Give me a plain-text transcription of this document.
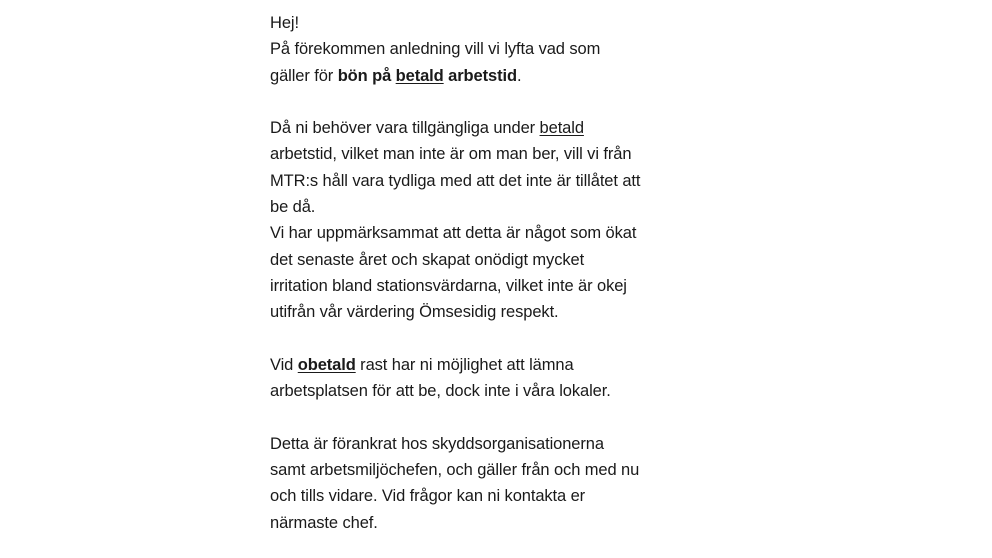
Hej!
På förekommen anledning vill vi lyfta vad som
gäller för bön på betald arbetstid.
Då ni behöver vara tillgängliga under betald
arbetstid, vilket man inte är om man ber, vill vi från
MTR:s håll vara tydliga med att det inte är tillåtet att
be då.
Vi har uppmärksammat att detta är något som ökat
det senaste året och skapat onödigt mycket
irritation bland stationsvärdarna, vilket inte är okej
utifrån vår värdering Ömsesidig respekt.
Vid obetald rast har ni möjlighet att lämna
arbetsplatsen för att be, dock inte i våra lokaler.
Detta är förankrat hos skyddsorganisationerna
samt arbetsmiljöchefen, och gäller från och med nu
och tills vidare. Vid frågor kan ni kontakta er
närmaste chef.
